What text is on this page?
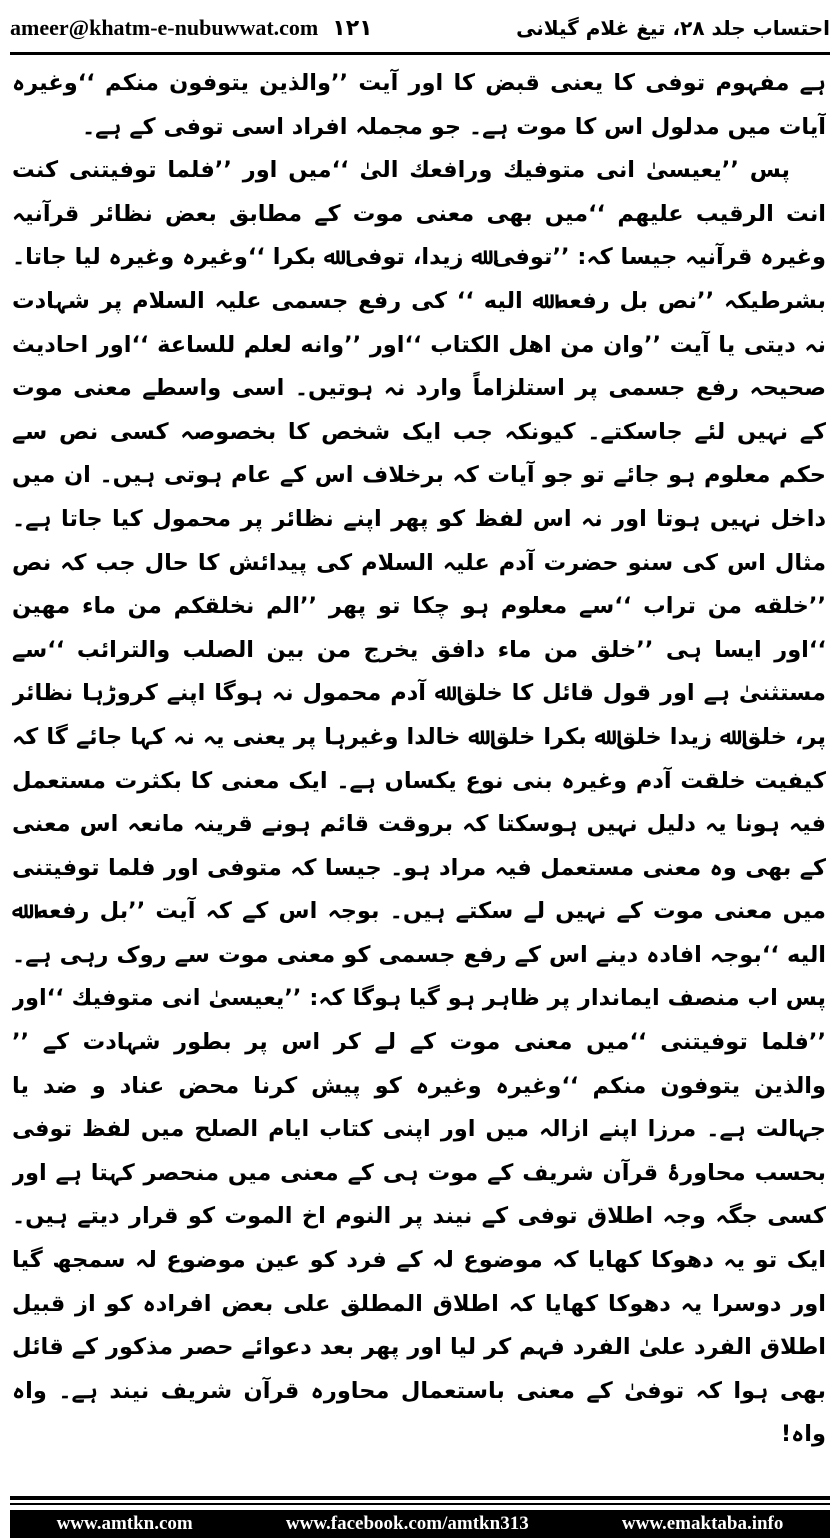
ameer@khatm-e-nubuwwat.com ۱۲۱	احتساب جلد ۲۸، تیغ غلام گیلانی

ہے مفہوم توفی کا یعنی قبض کا اور آیت ’’والذین یتوفون منکم ‘‘وغیرہ آیات میں مدلول اس کا موت ہے۔ جو مجملہ افراد اسی توفی کے ہے۔

پس ’’یعیسیٰ انی متوفیك ورافعك الیٰ ‘‘میں اور ’’فلما توفیتنی کنت انت الرقیب علیھم ‘‘میں بھی معنی موت کے مطابق بعض نظائر قرآنیہ وغیرہ قرآنیہ جیسا کہ: ’’توفی ﷲ زیدا، توفی ﷲ بکرا ‘‘وغیرہ وغیرہ لیا جاتا۔ بشرطیکہ ’’نص بل رفعه ﷲ الیه ‘‘ کی رفع جسمی علیہ السلام پر شہادت نہ دیتی یا آیت ’’وان من اھل الکتاب ‘‘اور ’’وانه لعلم للساعة ‘‘اور احادیث صحیحہ رفع جسمی پر استلزاماً وارد نہ ہوتیں۔ اسی واسطے معنی موت کے نہیں لئے جاسکتے۔ کیونکہ جب ایک شخص کا بخصوصہ کسی نص سے حکم معلوم ہو جائے تو جو آیات کہ برخلاف اس کے عام ہوتی ہیں۔ ان میں داخل نہیں ہوتا اور نہ اس لفظ کو پھر اپنے نظائر پر محمول کیا جاتا ہے۔ مثال اس کی سنو حضرت آدم علیہ السلام کی پیدائش کا حال جب کہ نص ’’خلقه من تراب ‘‘سے معلوم ہو چکا تو پھر ’’الم نخلقکم من ماء مھین ‘‘اور ایسا ہی ’’خلق من ماء دافق یخرج من بین الصلب والترائب ‘‘سے مستثنیٰ ہے اور قول قائل کا خلق ﷲ آدم محمول نہ ہوگا اپنے کروڑہا نظائر پر، خلق ﷲ زیدا خلق ﷲ بکرا خلق ﷲ خالدا وغیرہا پر یعنی یہ نہ کہا جائے گا کہ کیفیت خلقت آدم وغیرہ بنی نوع یکساں ہے۔ ایک معنی کا بکثرت مستعمل فیہ ہونا یہ دلیل نہیں ہوسکتا کہ بروقت قائم ہونے قرینہ مانعہ اس معنی کے بھی وہ معنی مستعمل فیہ مراد ہو۔ جیسا کہ متوفی اور فلما توفیتنی میں معنی موت کے نہیں لے سکتے ہیں۔ بوجہ اس کے کہ آیت ’’بل رفعه ﷲ الیه ‘‘بوجہ افادہ دینے اس کے رفع جسمی کو معنی موت سے روک رہی ہے۔ پس اب منصف ایماندار پر ظاہر ہو گیا ہوگا کہ: ’’یعیسیٰ انی متوفیك ‘‘اور ’’فلما توفیتنی ‘‘میں معنی موت کے لے کر اس پر بطور شہادت کے ’’ والذین یتوفون منکم ‘‘وغیرہ وغیرہ کو پیش کرنا محض عناد و ضد یا جہالت ہے۔ مرزا اپنے ازالہ میں اور اپنی کتاب ایام الصلح میں لفظ توفی بحسب محاورۂ قرآن شریف کے موت ہی کے معنی میں منحصر کہتا ہے اور کسی جگہ وجہ اطلاق توفی کے نیند پر النوم اخ الموت کو قرار دیتے ہیں۔ ایک تو یہ دھوکا کھایا کہ موضوع لہ کے فرد کو عین موضوع لہ سمجھ گیا اور دوسرا یہ دھوکا کھایا کہ اطلاق المطلق علی بعض افرادہ کو از قبیل اطلاق الفرد علیٰ الفرد فہم کر لیا اور پھر بعد دعوائے حصر مذکور کے قائل بھی ہوا کہ توفیٰ کے معنی باستعمال محاورہ قرآن شریف نیند ہے۔ واہ واہ!

www.amtkn.com	www.facebook.com/amtkn313	www.emaktaba.info
